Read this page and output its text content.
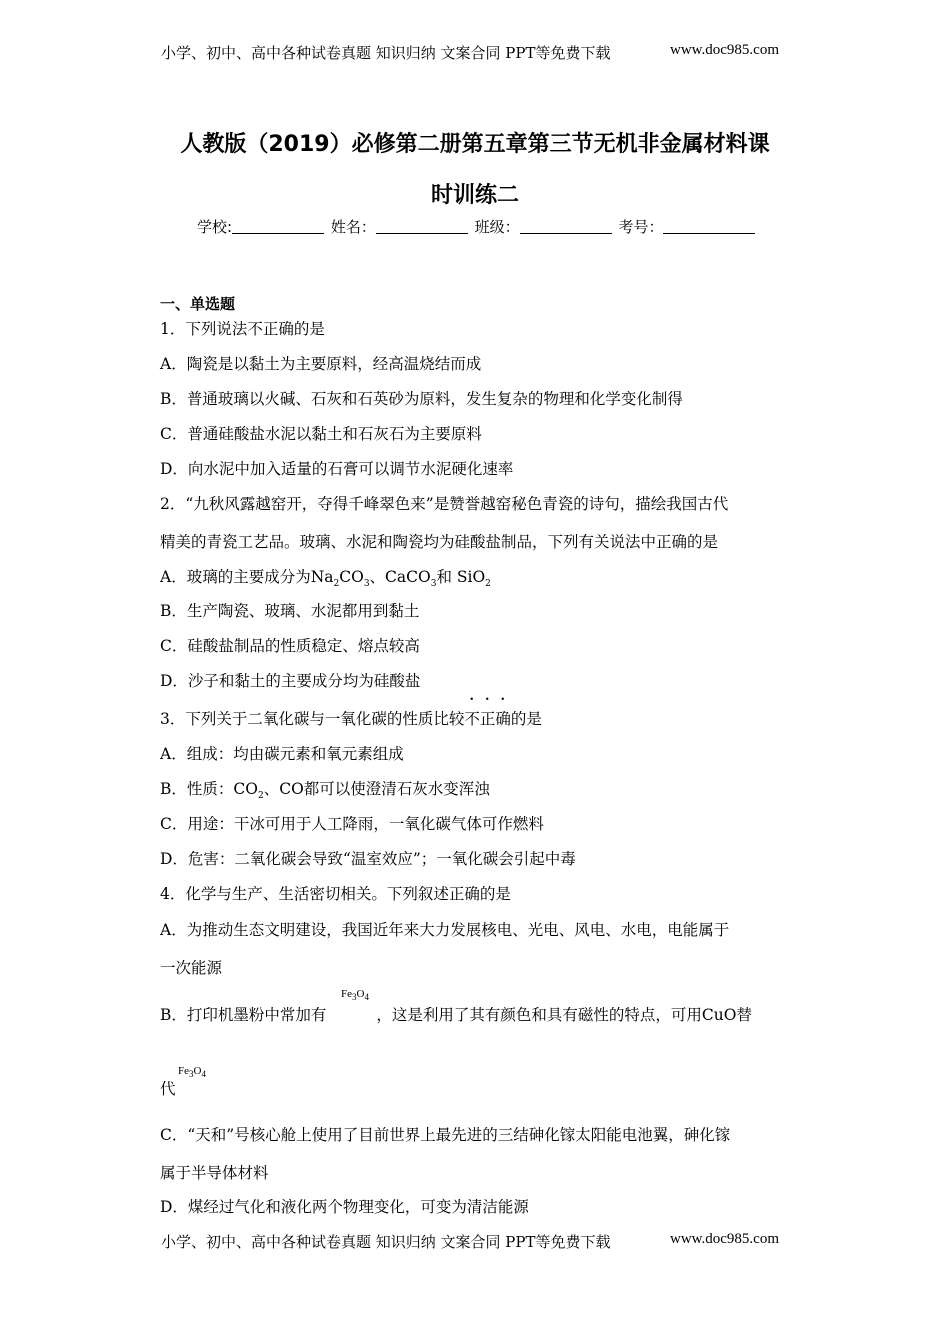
小学、初中、高中各种试卷真题 知识归纳 文案合同 PPT等免费下载	www.doc985.com
人教版（2019）必修第二册第五章第三节无机非金属材料课
时训练二
学校:	姓名：	班级：	考号：
一、单选题
1．下列说法不正确的是
A．陶瓷是以黏土为主要原料，经高温烧结而成
B．普通玻璃以火碱、石灰和石英砂为原料，发生复杂的物理和化学变化制得
C．普通硅酸盐水泥以黏土和石灰石为主要原料
D．向水泥中加入适量的石膏可以调节水泥硬化速率
2．“九秋风露越窑开，夺得千峰翠色来”是赞誉越窑秘色青瓷的诗句，描绘我国古代
精美的青瓷工艺品。玻璃、水泥和陶瓷均为硅酸盐制品，下列有关说法中正确的是
A．玻璃的主要成分为$Na_2CO_3$、CaCO$_3$和 SiO$_2$
B．生产陶瓷、玻璃、水泥都用到黏土
C．硅酸盐制品的性质稳定、熔点较高
D．沙子和黏土的主要成分均为硅酸盐
3．下列关于二氧化碳与一氧化碳的性质比较不正确的是
A．组成：均由碳元素和氧元素组成
B．性质：$CO_2$、CO都可以使澄清石灰水变浑浊
C．用途：干冰可用于人工降雨，一氧化碳气体可作燃料
D．危害：二氧化碳会导致“温室效应”；一氧化碳会引起中毒
4．化学与生产、生活密切相关。下列叙述正确的是
A．为推动生态文明建设，我国近年来大力发展核电、光电、风电、水电，电能属于
一次能源
$Fe_3O_4$
B．打印机墨粉中常加有	，这是利用了其有颜色和具有磁性的特点，可用CuO替
$Fe_3O_4$
代
C．“天和”号核心舱上使用了目前世界上最先进的三结砷化镓太阳能电池翼，砷化镓
属于半导体材料
D．煤经过气化和液化两个物理变化，可变为清洁能源
小学、初中、高中各种试卷真题 知识归纳 文案合同 PPT等免费下载	www.doc985.com
